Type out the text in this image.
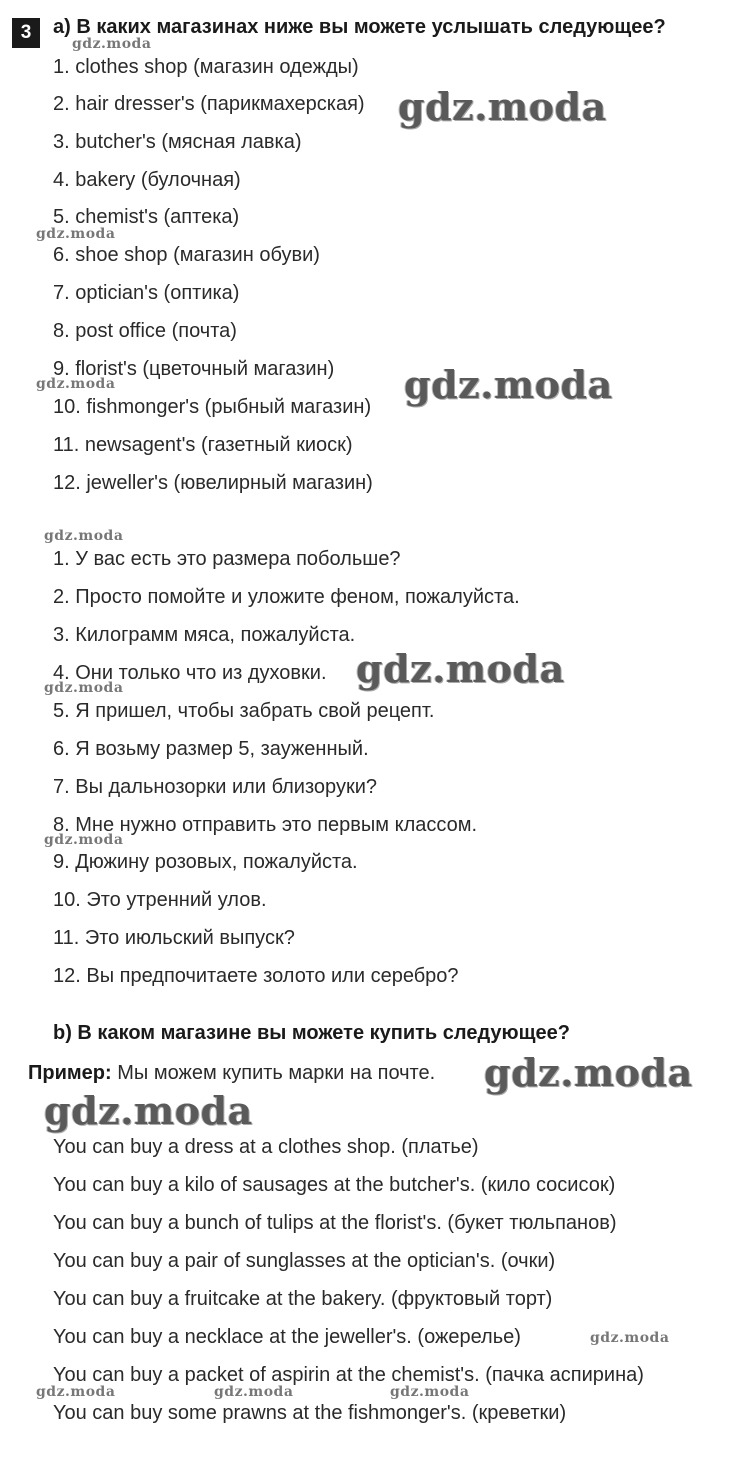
3	a) В каких магазинах ниже вы можете услышать следующее?
1. clothes shop (магазин одежды)
2. hair dresser's (парикмахерская)
3. butcher's (мясная лавка)
4. bakery (булочная)
5. chemist's (аптека)
6. shoe shop (магазин обуви)
7. optician's (оптика)
8. post office (почта)
9. florist's (цветочный магазин)
10. fishmonger's (рыбный магазин)
11. newsagent's (газетный киоск)
12. jeweller's (ювелирный магазин)
1. У вас есть это размера побольше?
2. Просто помойте и уложите феном, пожалуйста.
3. Килограмм мяса, пожалуйста.
4. Они только что из духовки.
5. Я пришел, чтобы забрать свой рецепт.
6. Я возьму размер 5, зауженный.
7. Вы дальнозорки или близоруки?
8. Мне нужно отправить это первым классом.
9. Дюжину розовых, пожалуйста.
10. Это утренний улов.
11. Это июльский выпуск?
12. Вы предпочитаете золото или серебро?
b) В каком магазине вы можете купить следующее?
Пример: Мы можем купить марки на почте.
You can buy a dress at a clothes shop. (платье)
You can buy a kilo of sausages at the butcher's. (кило сосисок)
You can buy a bunch of tulips at the florist's. (букет тюльпанов)
You can buy a pair of sunglasses at the optician's. (очки)
You can buy a fruitcake at the bakery. (фруктовый торт)
You can buy a necklace at the jeweller's. (ожерелье)
You can buy a packet of aspirin at the chemist's. (пачка аспирина)
You can buy some prawns at the fishmonger's. (креветки)
gdz.moda
gdz.moda
gdz.moda
gdz.moda	gdz.moda
gdz.moda
gdz.moda
gdz.moda
gdz.moda
gdz.moda
gdz.moda
gdz.moda
gdz.moda	gdz.moda	gdz.moda
